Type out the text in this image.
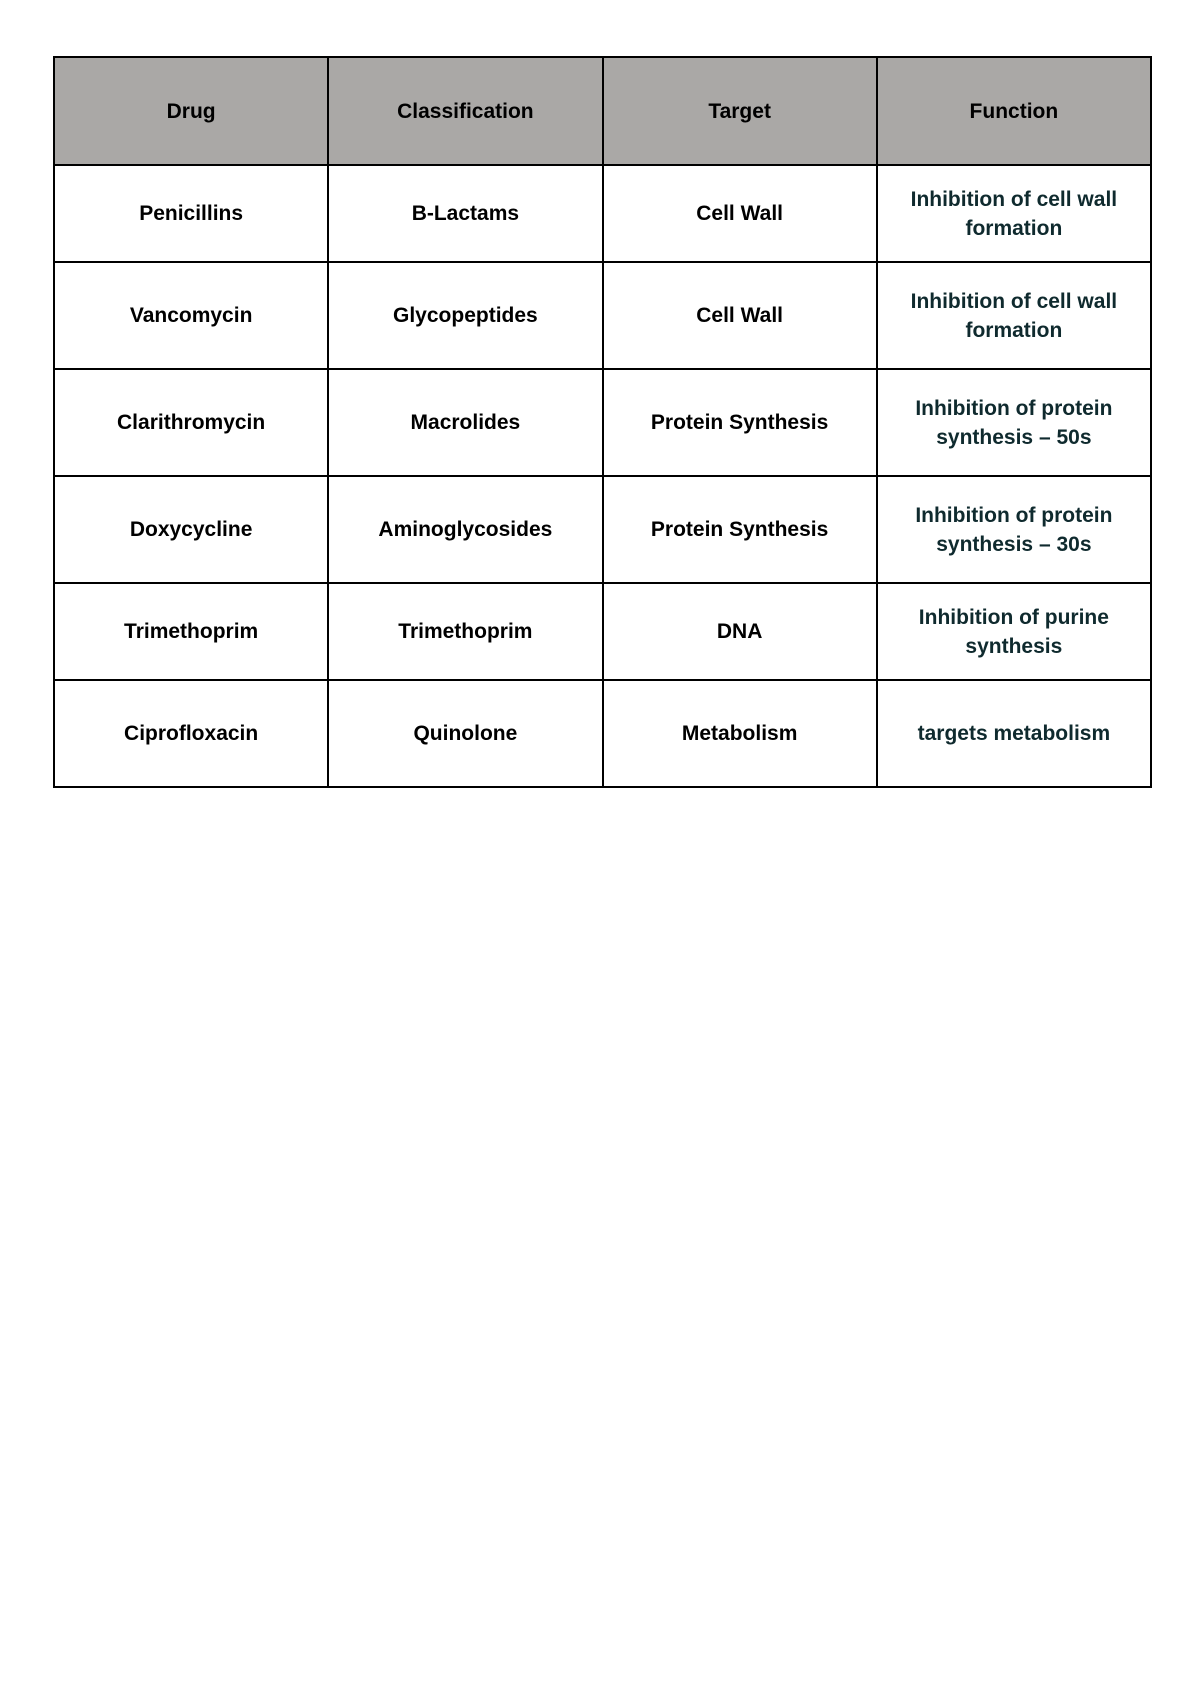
Drug	Classification	Target	Function
Penicillins	B-Lactams	Cell Wall	Inhibition of cell wall formation
Vancomycin	Glycopeptides	Cell Wall	Inhibition of cell wall formation
Clarithromycin	Macrolides	Protein Synthesis	Inhibition of protein synthesis – 50s
Doxycycline	Aminoglycosides	Protein Synthesis	Inhibition of protein synthesis – 30s
Trimethoprim	Trimethoprim	DNA	Inhibition of purine synthesis
Ciprofloxacin	Quinolone	Metabolism	targets metabolism
